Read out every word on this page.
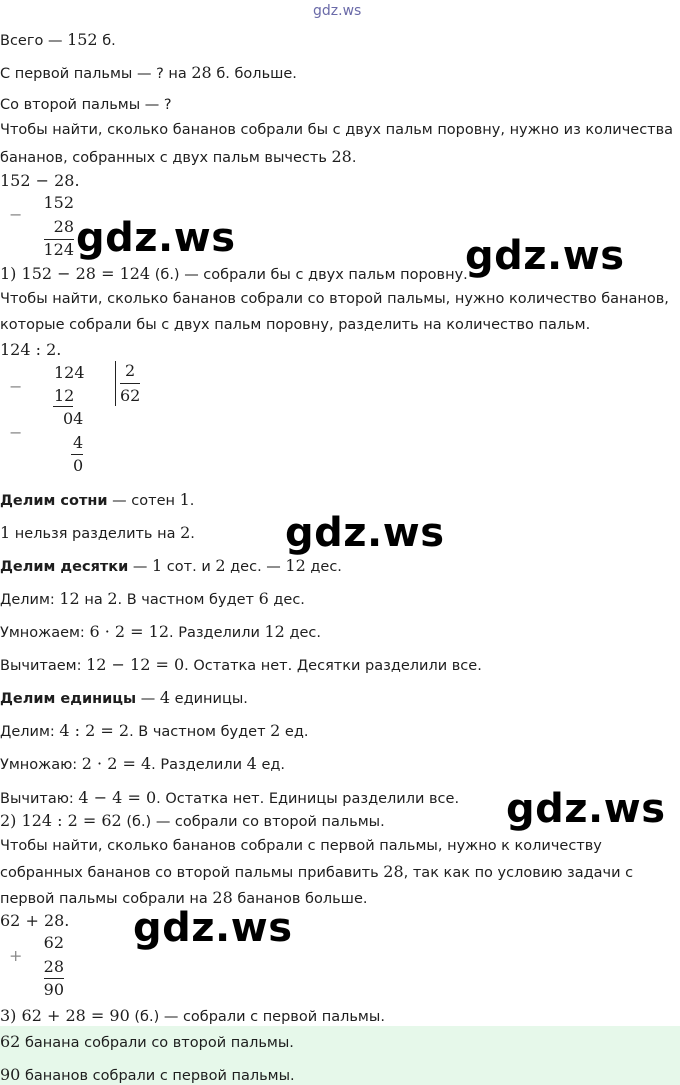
gdz.ws
Всего — 152 б.
С первой пальмы — ? на 28 б. больше.
Со второй пальмы — ?
Чтобы найти, сколько бананов собрали бы с двух пальм поровну, нужно из количества
бананов, собранных с двух пальм вычесть 28.
152 − 28.
−
152
28
124
1) 152 − 28 = 124 (б.) — собрали бы с двух пальм поровну.
Чтобы найти, сколько бананов собрали со второй пальмы, нужно количество бананов,
которые собрали бы с двух пальм поровну, разделить на количество пальм.
124 : 2.
−
−
124
12
04
4
0
2
62
Делим сотни — сотен 1.
1 нельзя разделить на 2.
Делим десятки — 1 сот. и 2 дес. — 12 дес.
Делим: 12 на 2. В частном будет 6 дес.
Умножаем: 6 · 2 = 12. Разделили 12 дес.
Вычитаем: 12 − 12 = 0. Остатка нет. Десятки разделили все.
Делим единицы — 4 единицы.
Делим: 4 : 2 = 2. В частном будет 2 ед.
Умножаю: 2 · 2 = 4. Разделили 4 ед.
Вычитаю: 4 − 4 = 0. Остатка нет. Единицы разделили все.
2) 124 : 2 = 62 (б.) — собрали со второй пальмы.
Чтобы найти, сколько бананов собрали с первой пальмы, нужно к количеству
собранных бананов со второй пальмы прибавить 28, так как по условию задачи с
первой пальмы собрали на 28 бананов больше.
62 + 28.
+
62
28
90
3) 62 + 28 = 90 (б.) — собрали с первой пальмы.
62 банана собрали со второй пальмы.
90 бананов собрали с первой пальмы.
gdz.ws	gdz.ws
gdz.ws
gdz.ws
gdz.ws
